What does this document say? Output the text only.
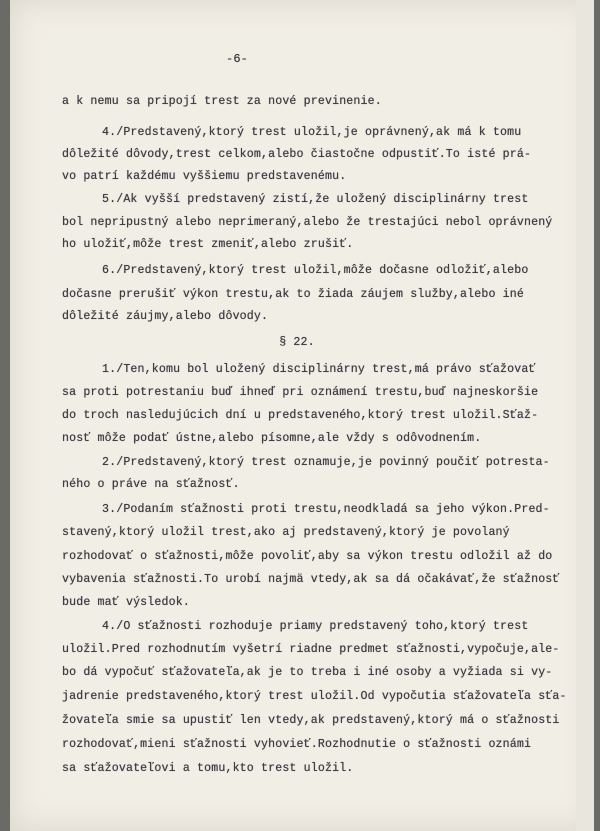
-6-
a k nemu sa pripojí trest za nové previnenie.
4./Predstavený,ktorý trest uložil,je oprávnený,ak má k tomu
dôležité dôvody,trest celkom,alebo čiastočne odpustiť.To isté prá-
vo patrí každému vyššiemu predstavenému.
5./Ak vyšší predstavený zistí,že uložený disciplinárny trest
bol nepripustný alebo neprimeraný,alebo že trestajúci nebol oprávnený
ho uložiť,môže trest zmeniť,alebo zrušiť.
6./Predstavený,ktorý trest uložil,môže dočasne odložiť,alebo
dočasne prerušiť výkon trestu,ak to žiada záujem služby,alebo iné
dôležité záujmy,alebo dôvody.
§ 22.
1./Ten,komu bol uložený disciplinárny trest,má právo sťažovať
sa proti potrestaniu buď ihneď pri oznámení trestu,buď najneskoršie
do troch nasledujúcich dní u predstaveného,ktorý trest uložil.Sťaž-
nosť môže podať ústne,alebo písomne,ale vždy s odôvodnením.
2./Predstavený,ktorý trest oznamuje,je povinný poučiť potresta-
ného o práve na sťažnosť.
3./Podaním sťažnosti proti trestu,neodkladá sa jeho výkon.Pred-
stavený,ktorý uložil trest,ako aj predstavený,ktorý je povolaný
rozhodovať o sťažnosti,môže povoliť,aby sa výkon trestu odložil až do
vybavenia sťažnosti.To urobí najmä vtedy,ak sa dá očakávať,že sťažnosť
bude mať výsledok.
4./O sťažnosti rozhoduje priamy predstavený toho,ktorý trest
uložil.Pred rozhodnutím vyšetrí riadne predmet sťažnosti,vypočuje,ale-
bo dá vypočuť sťažovateľa,ak je to treba i iné osoby a vyžiada si vy-
jadrenie predstaveného,ktorý trest uložil.Od vypočutia sťažovateľa sťa-
žovateľa smie sa upustiť len vtedy,ak predstavený,ktorý má o sťažnosti
rozhodovať,mieni sťažnosti vyhovieť.Rozhodnutie o sťažnosti oznámi
sa sťažovateľovi a tomu,kto trest uložil.
